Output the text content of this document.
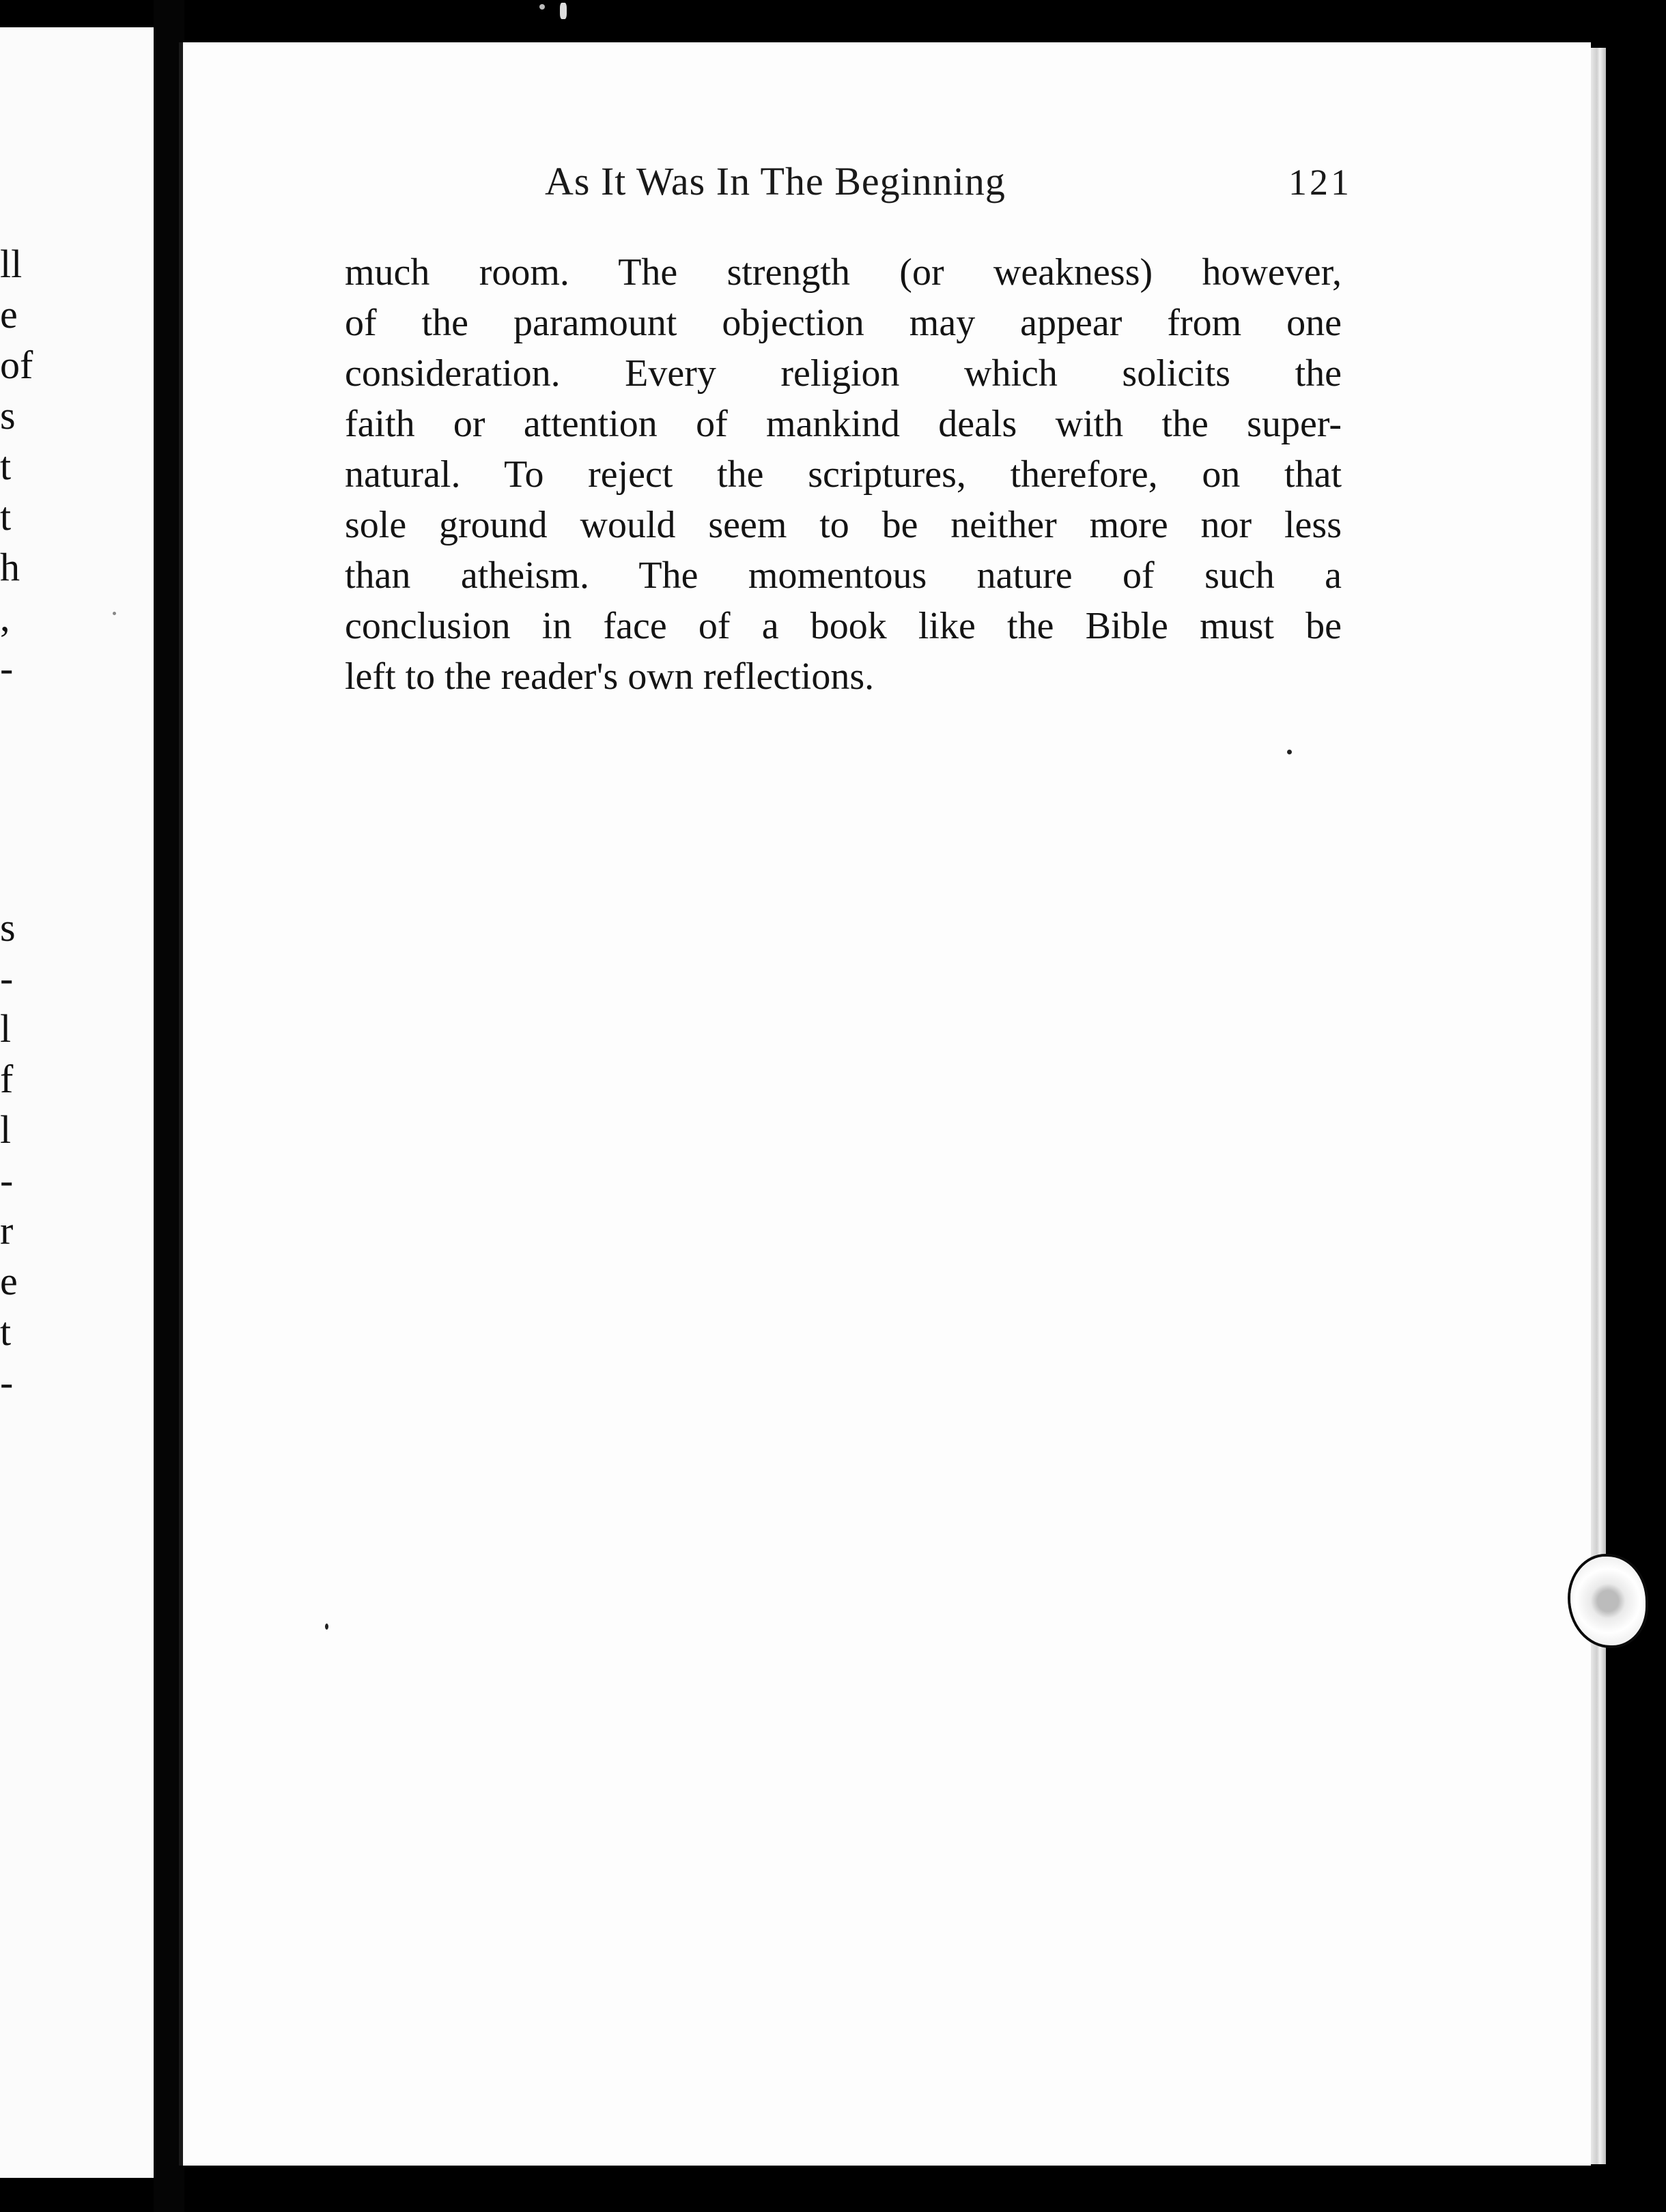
ll
e
of
s
t
t
h
,
-
s
-
l
f
l
-
r
e
t
-
As It Was In The Beginning	121
much room. The strength (or weakness) however,
of the paramount objection may appear from one
consideration. Every religion which solicits the
faith or attention of mankind deals with the super-
natural. To reject the scriptures, therefore, on that
sole ground would seem to be neither more nor less
than atheism. The momentous nature of such a
conclusion in face of a book like the Bible must be
left to the reader's own reflections.
